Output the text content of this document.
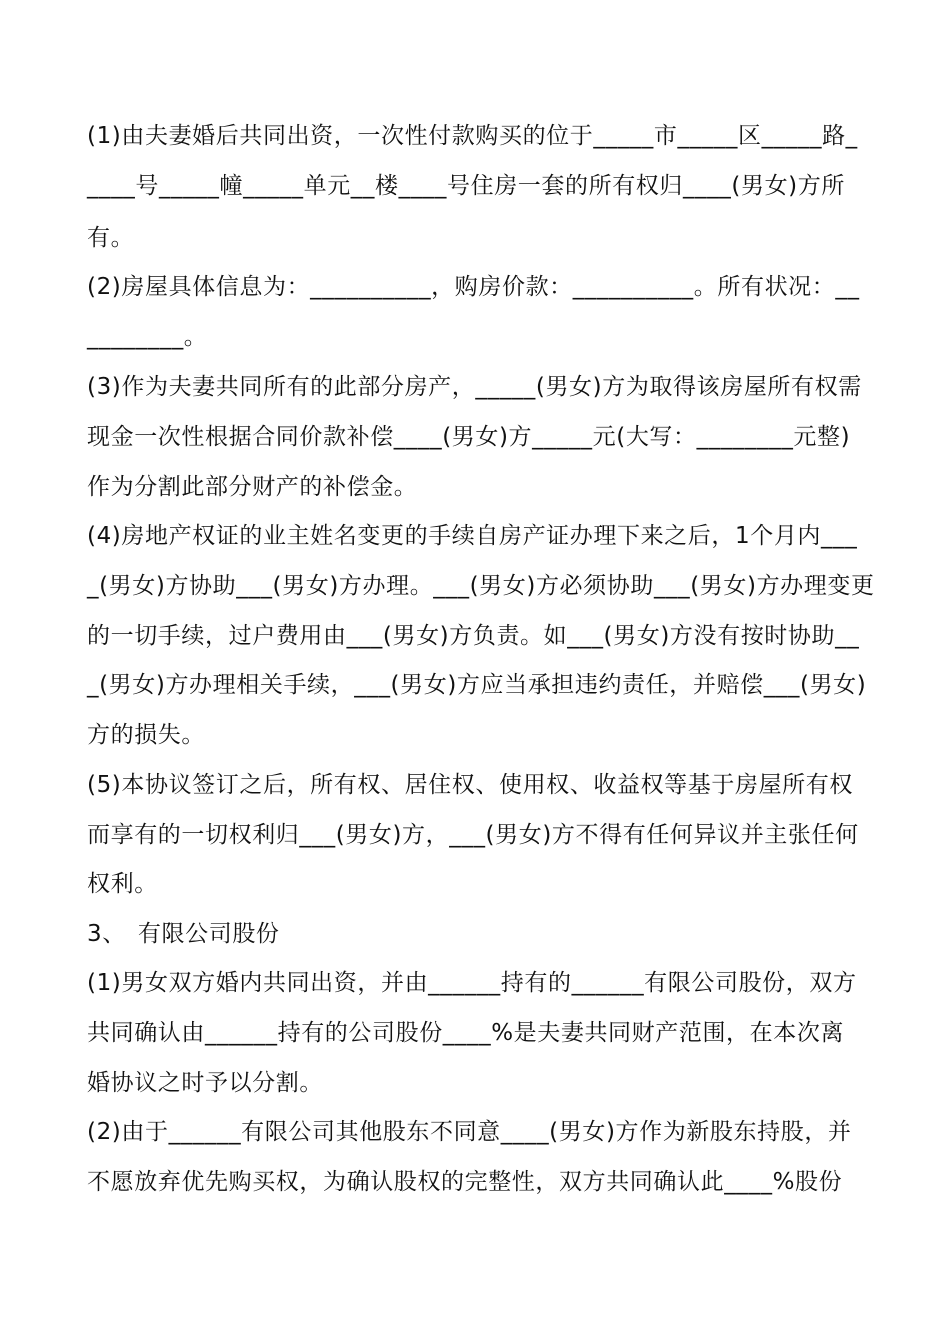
(1)由夫妻婚后共同出资，一次性付款购买的位于_____市_____区_____路_
____号_____幢_____单元__楼____号住房一套的所有权归____(男女)方所
有。
(2)房屋具体信息为：__________，购房价款：__________。所有状况：__
________。
(3)作为夫妻共同所有的此部分房产，_____(男女)方为取得该房屋所有权需
现金一次性根据合同价款补偿____(男女)方_____元(大写：________元整)
作为分割此部分财产的补偿金。
(4)房地产权证的业主姓名变更的手续自房产证办理下来之后，1个月内___
_(男女)方协助___(男女)方办理。___(男女)方必须协助___(男女)方办理变更
的一切手续，过户费用由___(男女)方负责。如___(男女)方没有按时协助__
_(男女)方办理相关手续，___(男女)方应当承担违约责任，并赔偿___(男女)
方的损失。
(5)本协议签订之后，所有权、居住权、使用权、收益权等基于房屋所有权
而享有的一切权利归___(男女)方，___(男女)方不得有任何异议并主张任何
权利。
3、　有限公司股份
(1)男女双方婚内共同出资，并由______持有的______有限公司股份，双方
共同确认由______持有的公司股份____%是夫妻共同财产范围，在本次离
婚协议之时予以分割。
(2)由于______有限公司其他股东不同意____(男女)方作为新股东持股，并
不愿放弃优先购买权，为确认股权的完整性，双方共同确认此____%股份
